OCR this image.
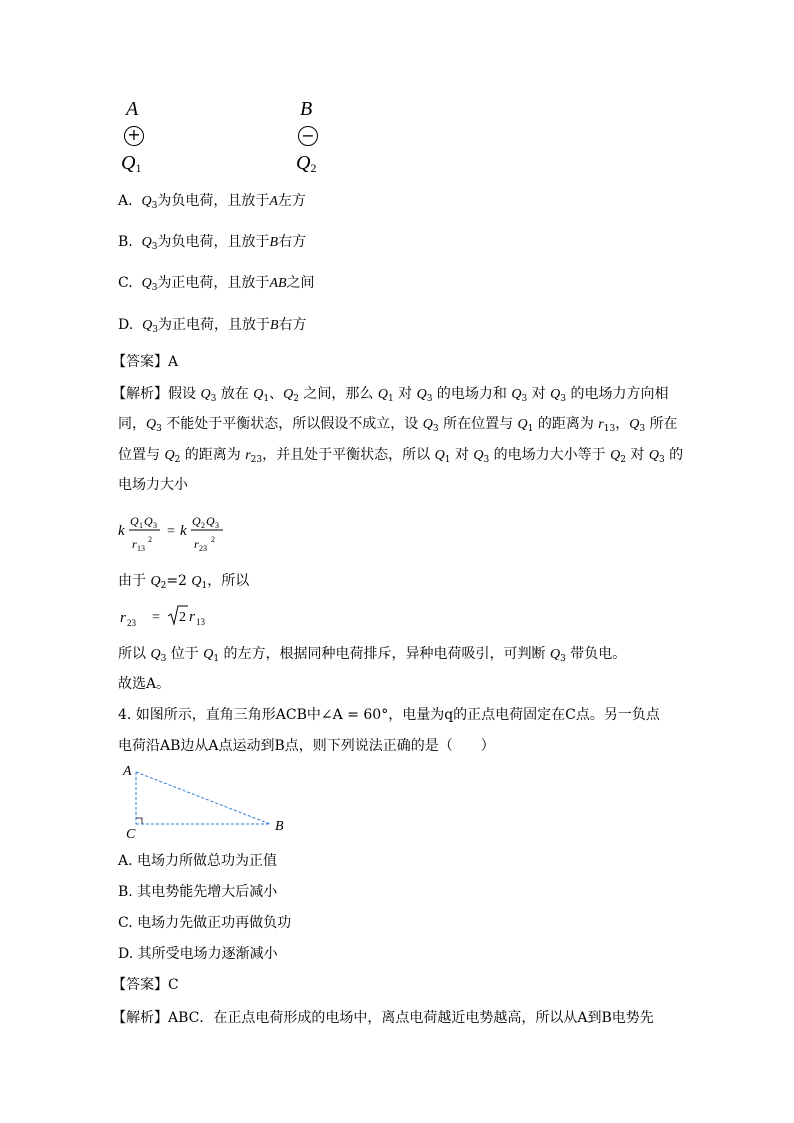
A
+
$Q_1$
B
−
$Q_2$
A. $Q_3$为负电荷，且放于A左方
B. $Q_3$为负电荷，且放于B右方
C. $Q_3$为正电荷，且放于AB之间
D. $Q_3$为正电荷，且放于B右方
【答案】A
【解析】假设 $Q_3$ 放在 $Q_1$、$Q_2$ 之间，那么 $Q_1$ 对 $Q_3$ 的电场力和 $Q_3$ 对 $Q_3$ 的电场力方向相
同，$Q_3$ 不能处于平衡状态，所以假设不成立，设 $Q_3$ 所在位置与 $Q_1$ 的距离为 $r_{13}$，$Q_3$ 所在
位置与 $Q_2$ 的距离为 $r_{23}$，并且处于平衡状态，所以 $Q_1$ 对 $Q_3$ 的电场力大小等于 $Q_2$ 对 $Q_3$ 的
电场力大小
k
Q 1 Q 3
r 13
2
= k
Q 2 Q 3
r 23
2
由于 $Q_2=2$ $Q_1$，所以
r 23 = 2 r 13
所以 $Q_3$ 位于 $Q_1$ 的左方，根据同种电荷排斥，异种电荷吸引，可判断 $Q_3$ 带负电。
故选A。
4. 如图所示，直角三角形ACB中∠A = 60°，电量为q的正点电荷固定在C点。另一负点
电荷沿AB边从A点运动到B点，则下列说法正确的是（　　）
A
C
B
A. 电场力所做总功为正值
B. 其电势能先增大后减小
C. 电场力先做正功再做负功
D. 其所受电场力逐渐减小
【答案】C
【解析】ABC．在正点电荷形成的电场中，离点电荷越近电势越高，所以从A到B电势先
